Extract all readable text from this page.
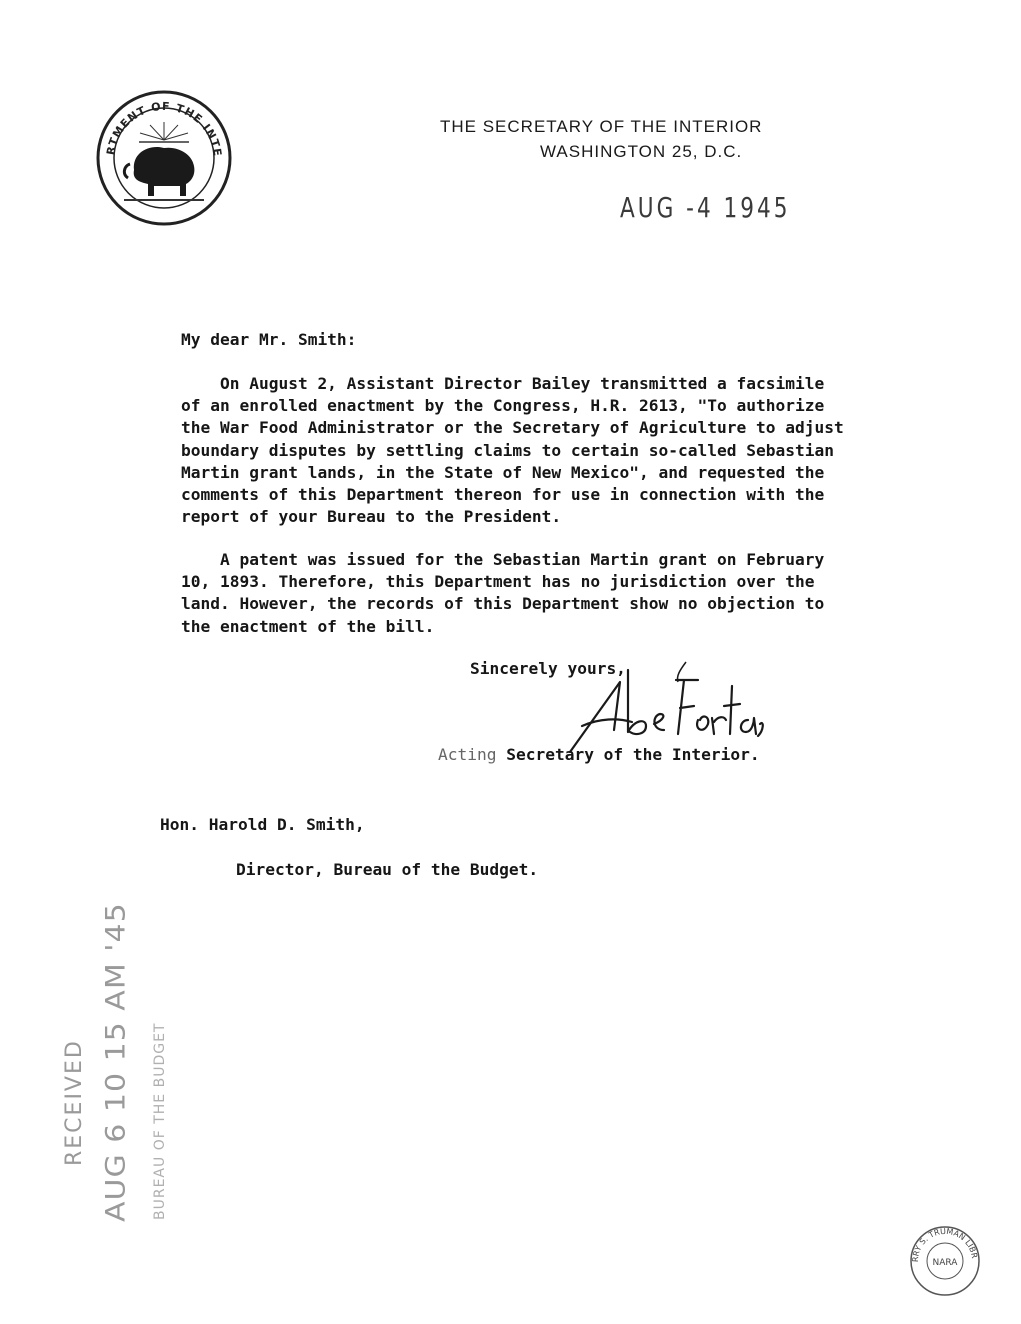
RTMENT OF THE INTE
THE SECRETARY OF THE INTERIOR
WASHINGTON 25, D.C.
AUG -4 1945
My dear Mr. Smith:
On August 2, Assistant Director Bailey transmitted a facsimile
of an enrolled enactment by the Congress, H.R. 2613, "To authorize
the War Food Administrator or the Secretary of Agriculture to adjust
boundary disputes by settling claims to certain so-called Sebastian
Martin grant lands, in the State of New Mexico", and requested the
comments of this Department thereon for use in connection with the
report of your Bureau to the President.
A patent was issued for the Sebastian Martin grant on February
10, 1893. Therefore, this Department has no jurisdiction over the
land. However, the records of this Department show no objection to
the enactment of the bill.
Sincerely yours,
Acting Secretary of the Interior.
Hon. Harold D. Smith,
Director, Bureau of the Budget.
RECEIVED AUG 6 10 15 AM '45 BUREAU OF THE BUDGET
RRY S. TRUMAN LIBR
NARA
